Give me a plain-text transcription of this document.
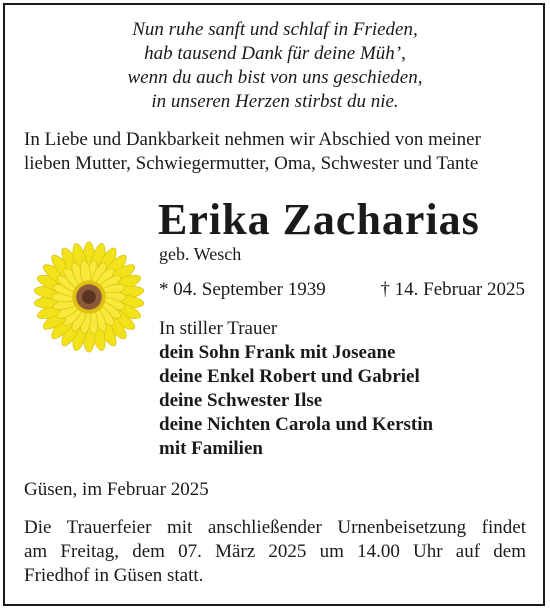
Nun ruhe sanft und schlaf in Frieden,
hab tausend Dank für deine Müh’,
wenn du auch bist von uns geschieden,
in unseren Herzen stirbst du nie.
In Liebe und Dankbarkeit nehmen wir Abschied von meiner
lieben Mutter, Schwiegermutter, Oma, Schwester und Tante
Erika Zacharias
geb. Wesch
* 04. September 1939	† 14. Februar 2025
In stiller Trauer
dein Sohn Frank mit Joseane
deine Enkel Robert und Gabriel
deine Schwester Ilse
deine Nichten Carola und Kerstin
mit Familien
Güsen, im Februar 2025
Die Trauerfeier mit anschließender Urnenbeisetzung findet
am Freitag, dem 07. März 2025 um 14.00 Uhr auf dem
Friedhof in Güsen statt.
